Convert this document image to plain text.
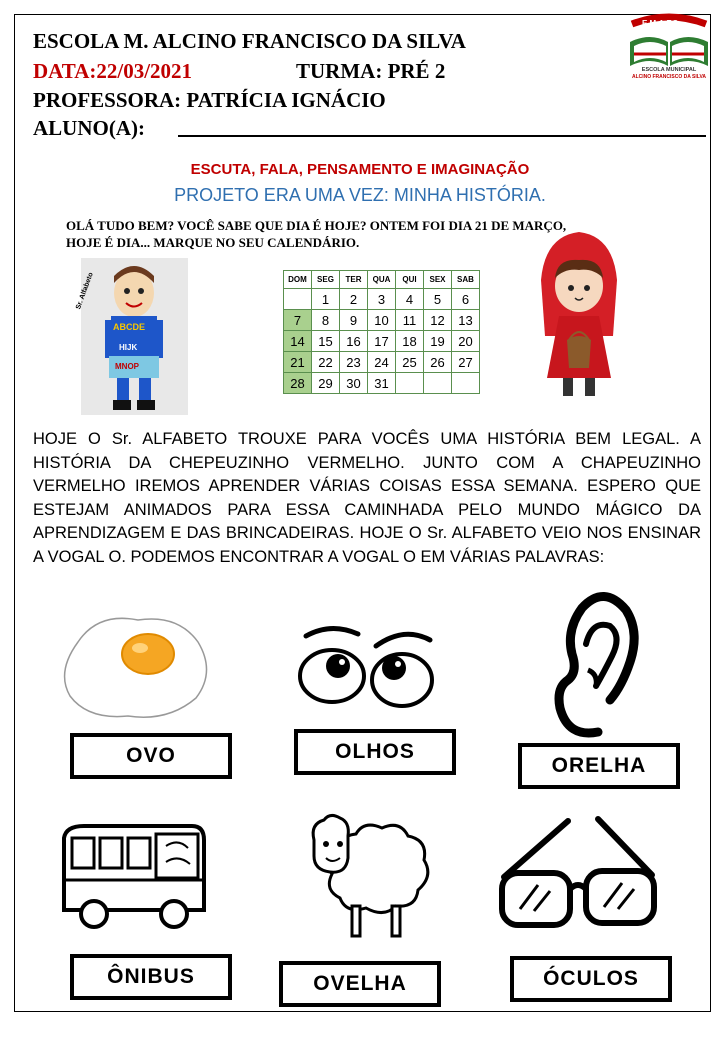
ESCOLA M. ALCINO FRANCISCO DA SILVA
DATA:22/03/2021	TURMA: PRÉ 2
PROFESSORA: PATRÍCIA IGNÁCIO
ALUNO(A):
E.M.A.F.S
ESCOLA MUNICIPAL
ALCINO FRANCISCO DA SILVA
ESCUTA, FALA, PENSAMENTO E IMAGINAÇÃO
PROJETO ERA UMA VEZ: MINHA HISTÓRIA.
OLÁ TUDO BEM? VOCÊ SABE QUE DIA É HOJE? ONTEM FOI DIA 21 DE MARÇO,
HOJE É DIA... MARQUE NO SEU CALENDÁRIO.
ABCDE
HIJK
MNOP
Sr. Alfabeto	DOM	SEG	TER	QUA	QUI	SEX	SAB
	1	2	3	4	5	6
7	8	9	10	11	12	13
14	15	16	17	18	19	20
21	22	23	24	25	26	27
28	29	30	31			
HOJE O Sr. ALFABETO TROUXE PARA VOCÊS UMA HISTÓRIA BEM LEGAL. A HISTÓRIA DA CHEPEUZINHO VERMELHO. JUNTO COM A CHAPEUZINHO VERMELHO IREMOS APRENDER VÁRIAS COISAS ESSA SEMANA. ESPERO QUE ESTEJAM ANIMADOS PARA ESSA CAMINHADA PELO MUNDO MÁGICO DA APRENDIZAGEM E DAS BRINCADEIRAS. HOJE O Sr. ALFABETO VEIO NOS ENSINAR A VOGAL O. PODEMOS ENCONTRAR A VOGAL O EM VÁRIAS PALAVRAS:
OVO	OLHOS
ORELHA
ÔNIBUS	OVELHA	ÓCULOS
